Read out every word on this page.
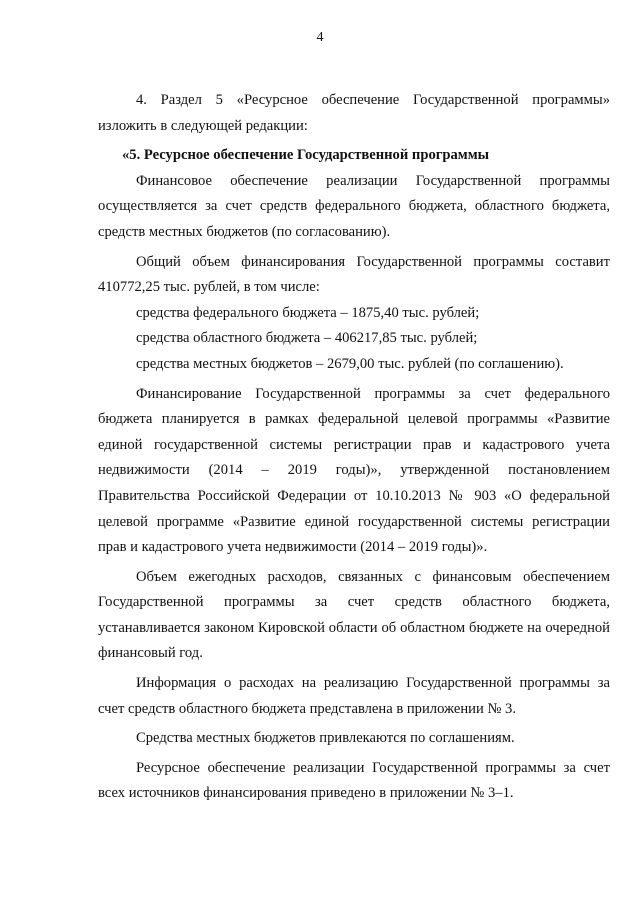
4

4. Раздел 5 «Ресурсное обеспечение Государственной программы» изложить в следующей редакции:

«5. Ресурсное обеспечение Государственной программы

Финансовое обеспечение реализации Государственной программы осуществляется за счет средств федерального бюджета, областного бюджета, средств местных бюджетов (по согласованию).

Общий объем финансирования Государственной программы составит 410772,25 тыс. рублей, в том числе:

средства федерального бюджета – 1875,40 тыс. рублей;

средства областного бюджета – 406217,85 тыс. рублей;

средства местных бюджетов – 2679,00 тыс. рублей (по соглашению).

Финансирование Государственной программы за счет федерального бюджета планируется в рамках федеральной целевой программы «Развитие единой государственной системы регистрации прав и кадастрового учета недвижимости (2014 – 2019 годы)», утвержденной постановлением Правительства Российской Федерации от 10.10.2013 № 903 «О федеральной целевой программе «Развитие единой государственной системы регистрации прав и кадастрового учета недвижимости (2014 – 2019 годы)».

Объем ежегодных расходов, связанных с финансовым обеспечением Государственной программы за счет средств областного бюджета, устанавливается законом Кировской области об областном бюджете на очередной финансовый год.

Информация о расходах на реализацию Государственной программы за счет средств областного бюджета представлена в приложении № 3.

Средства местных бюджетов привлекаются по соглашениям.

Ресурсное обеспечение реализации Государственной программы за счет всех источников финансирования приведено в приложении № 3–1.
